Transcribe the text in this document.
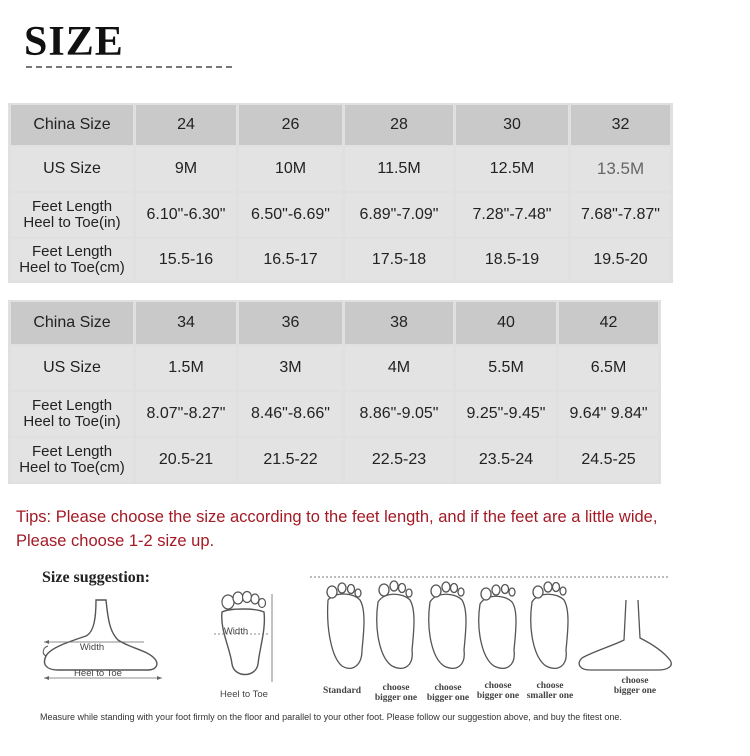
SIZE
China Size	24	26	28	30	32
US Size	9M	10M	11.5M	12.5M	13.5M

Feet Length
Heel to Toe(in)	6.10"-6.30"	6.50"-6.69"	6.89"-7.09"	7.28"-7.48"	7.68"-7.87"

Feet Length
Heel to Toe(cm)	15.5-16	16.5-17	17.5-18	18.5-19	19.5-20
China Size	34	36	38	40	42
US Size	1.5M	3M	4M	5.5M	6.5M

Feet Length
Heel to Toe(in)	8.07"-8.27"	8.46"-8.66"	8.86"-9.05"	9.25"-9.45"	9.64" 9.84"

Feet Length
Heel to Toe(cm)	20.5-21	21.5-22	22.5-23	23.5-24	24.5-25
Tips: Please choose the size according to the feet length, and if the feet are a little wide,
Please choose 1-2 size up.
Size suggestion:
Width
Heel to Toe
Width
Heel to Toe	Standard	choose
bigger one
choose
bigger one
choose
bigger one
choose
smaller one
choose
bigger one
Measure while standing with your foot firmly on the floor and parallel to your other foot. Please follow our suggestion above, and buy the fitest one.
